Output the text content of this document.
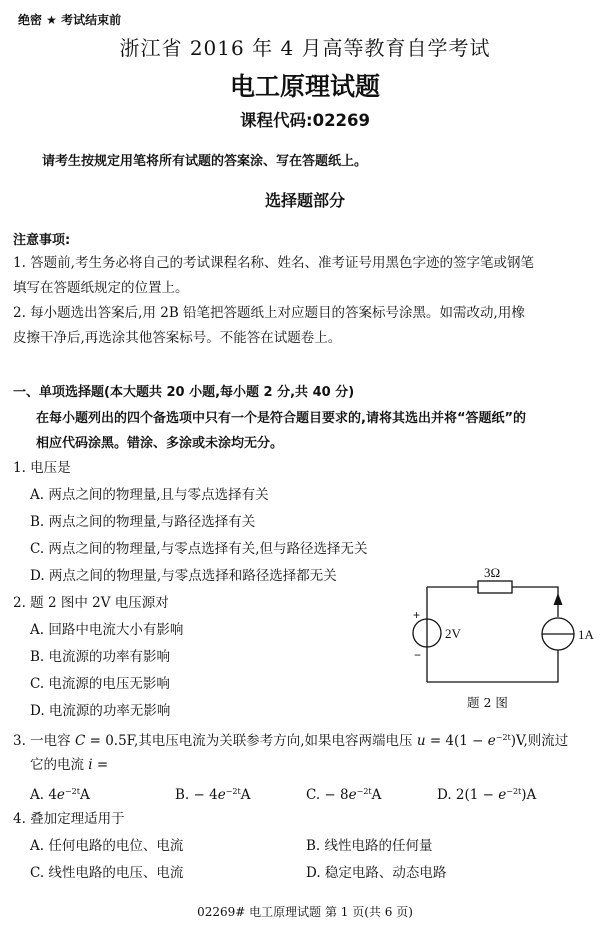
绝密 ★ 考试结束前
浙江省 2016 年 4 月高等教育自学考试
电工原理试题
课程代码:02269
请考生按规定用笔将所有试题的答案涂、写在答题纸上。
选择题部分
注意事项:
1. 答题前,考生务必将自己的考试课程名称、姓名、准考证号用黑色字迹的签字笔或钢笔
填写在答题纸规定的位置上。
2. 每小题选出答案后,用 2B 铅笔把答题纸上对应题目的答案标号涂黑。如需改动,用橡
皮擦干净后,再选涂其他答案标号。不能答在试题卷上。
一、单项选择题(本大题共 20 小题,每小题 2 分,共 40 分)
在每小题列出的四个备选项中只有一个是符合题目要求的,请将其选出并将“答题纸”的
相应代码涂黑。错涂、多涂或未涂均无分。
1. 电压是
A. 两点之间的物理量,且与零点选择有关
B. 两点之间的物理量,与路径选择有关
C. 两点之间的物理量,与零点选择有关,但与路径选择无关
D. 两点之间的物理量,与零点选择和路径选择都无关
2. 题 2 图中 2V 电压源对
A. 回路中电流大小有影响
B. 电流源的功率有影响
C. 电流源的电压无影响
D. 电流源的功率无影响
3Ω
2V
+
−
1A
题 2 图
3. 一电容 C = 0.5F,其电压电流为关联参考方向,如果电容两端电压 $u = 4(1 - e^{-2t})V$,则流过
它的电流 i =
A. $4e^{-2t}A$	B. − $4e^{-2t}A$	C. − $8e^{-2t}A$	D. $2(1 - e^{-2t})A$
4. 叠加定理适用于
A. 任何电路的电位、电流	B. 线性电路的任何量
C. 线性电路的电压、电流	D. 稳定电路、动态电路
02269# 电工原理试题 第 1 页(共 6 页)
